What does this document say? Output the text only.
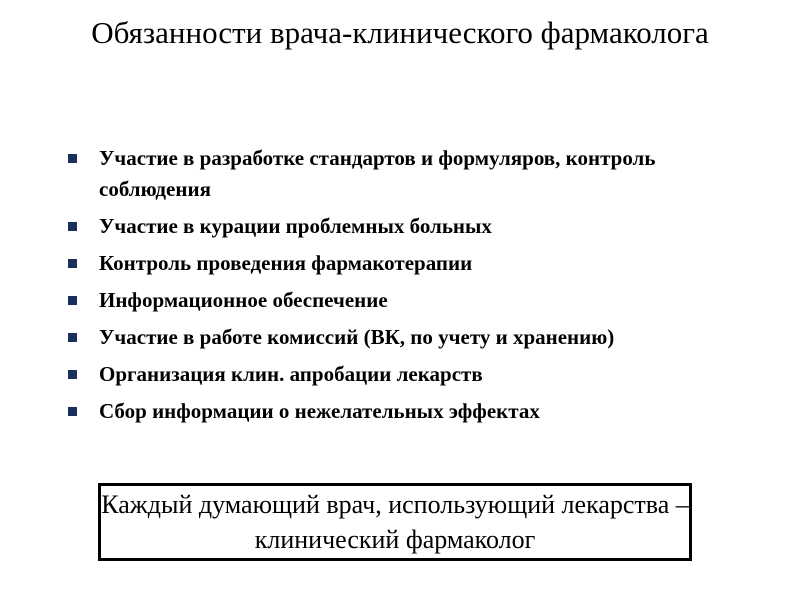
Обязанности врача-клинического фармаколога
Участие в разработке стандартов и формуляров, контроль соблюдения
Участие в курации проблемных больных
Контроль проведения фармакотерапии
Информационное обеспечение
Участие в работе комиссий (ВК, по учету и хранению)
Организация клин. апробации лекарств
Сбор информации о нежелательных эффектах
Каждый думающий врач, использующий лекарства – клинический фармаколог
